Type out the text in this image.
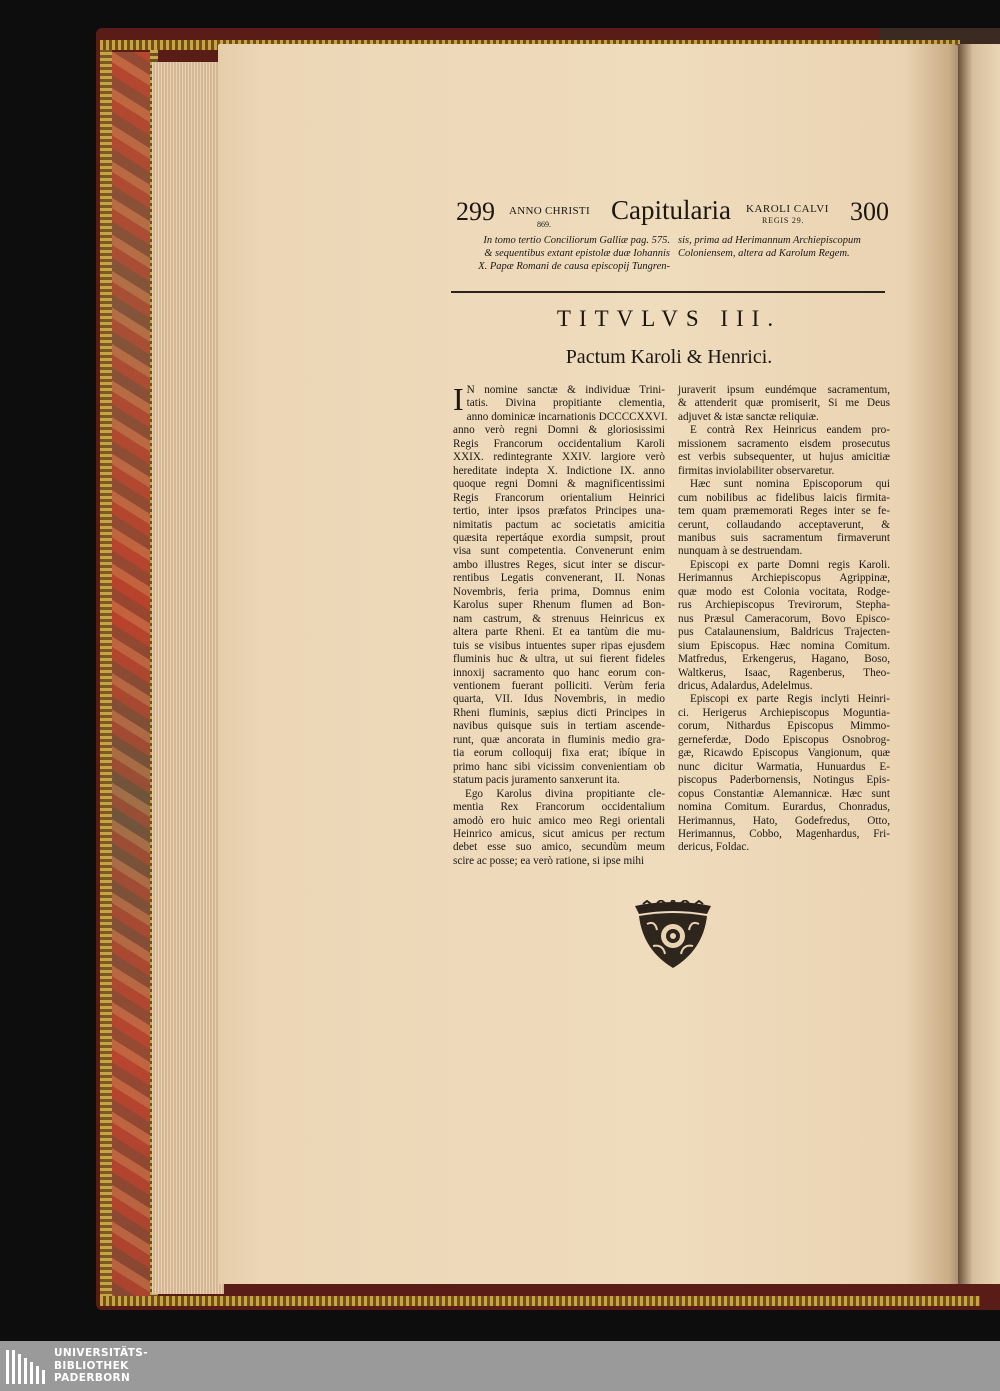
299 ANNO CHRISTI
869. Capitularia KAROLI CALVI
REGIS 29. 300
In tomo tertio Conciliorum Galliæ pag. 575.
& sequentibus extant epistolæ duæ Iohannis
X. Papæ Romani de causa episcopij Tungren-
sis, prima ad Herimannum Archiepiscopum
Coloniensem, altera ad Karolum Regem.
TITVLVS III.
Pactum Karoli & Henrici.
I N nomine sanctæ & individuæ Trini-
tatis. Divina propitiante clementia,
anno dominicæ incarnationis DCCCCXXVI.
anno verò regni Domni & gloriosissimi
Regis Francorum occidentalium Karoli
XXIX. redintegrante XXIV. largiore verò
hereditate indepta X. Indictione IX. anno
quoque regni Domni & magnificentissimi
Regis Francorum orientalium Heinrici
tertio, inter ipsos præfatos Principes una-
nimitatis pactum ac societatis amicitia
quæsita repertáque exordia sumpsit, prout
visa sunt competentia. Convenerunt enim
ambo illustres Reges, sicut inter se discur-
rentibus Legatis convenerant, II. Nonas
Novembris, feria prima, Domnus enim
Karolus super Rhenum flumen ad Bon-
nam castrum, & strenuus Heinricus ex
altera parte Rheni. Et ea tantùm die mu-
tuis se visibus intuentes super ripas ejusdem
fluminis huc & ultra, ut sui fierent fideles
innoxij sacramento quo hanc eorum con-
ventionem fuerant polliciti. Verùm feria
quarta, VII. Idus Novembris, in medio
Rheni fluminis, sæpius dicti Principes in
navibus quisque suis in tertiam ascende-
runt, quæ ancorata in fluminis medio gra-
tia eorum colloquij fixa erat; ibíque in
primo hanc sibi vicissim convenientiam ob
statum pacis juramento sanxerunt ita.
Ego Karolus divina propitiante cle-
mentia Rex Francorum occidentalium
amodò ero huic amico meo Regi orientali
Heinrico amicus, sicut amicus per rectum
debet esse suo amico, secundùm meum
scire ac posse; ea verò ratione, si ipse mihi
juraverit ipsum eundémque sacramentum,
& attenderit quæ promiserit, Si me Deus
adjuvet & istæ sanctæ reliquiæ.
E contrà Rex Heinricus eandem pro-
missionem sacramento eisdem prosecutus
est verbis subsequenter, ut hujus amicitiæ
firmitas inviolabiliter observaretur.
Hæc sunt nomina Episcoporum qui
cum nobilibus ac fidelibus laicis firmita-
tem quam præmemorati Reges inter se fe-
cerunt, collaudando acceptaverunt, &
manibus suis sacramentum firmaverunt
nunquam à se destruendam.
Episcopi ex parte Domni regis Karoli.
Herimannus Archiepiscopus Agrippinæ,
quæ modo est Colonia vocitata, Rodge-
rus Archiepiscopus Trevirorum, Stepha-
nus Præsul Cameracorum, Bovo Episco-
pus Catalaunensium, Baldricus Trajecten-
sium Episcopus. Hæc nomina Comitum.
Matfredus, Erkengerus, Hagano, Boso,
Waltkerus, Isaac, Ragenberus, Theo-
dricus, Adalardus, Adelelmus.
Episcopi ex parte Regis inclyti Heinri-
ci. Herigerus Archiepiscopus Moguntia-
corum, Nithardus Episcopus Mimmo-
gerneferdæ, Dodo Episcopus Osnobrog-
gæ, Ricawdo Episcopus Vangionum, quæ
nunc dicitur Warmatia, Hunuardus E-
piscopus Paderbornensis, Notingus Epis-
copus Constantiæ Alemannicæ. Hæc sunt
nomina Comitum. Eurardus, Chonradus,
Herimannus, Hato, Godefredus, Otto,
Herimannus, Cobbo, Magenhardus, Fri-
dericus, Foldac.
UNIVERSITÄTS-
BIBLIOTHEK
PADERBORN
